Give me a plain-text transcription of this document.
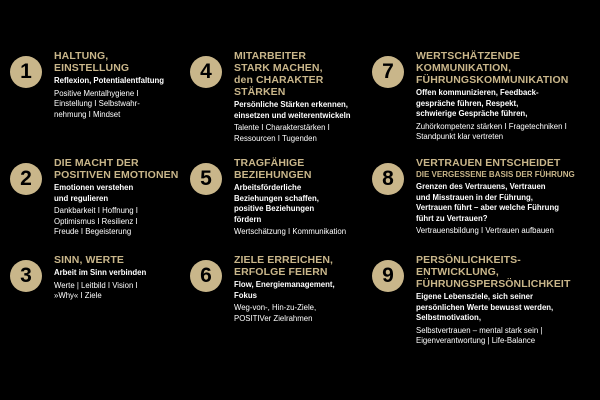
1
HALTUNG,
EINSTELLUNG
Reflexion, Potentialentfaltung
Positive Mentalhygiene I
Einstellung I Selbstwahr-
nehmung I Mindset
2
DIE MACHT DER
POSITIVEN EMOTIONEN
Emotionen verstehen
und regulieren
Dankbarkeit I Hoffnung I
Optimismus I Resilienz I
Freude I Begeisterung
3
SINN, WERTE
Arbeit im Sinn verbinden
Werte | Leitbild I Vision I
»Why« I Ziele
4
MITARBEITER
STARK MACHEN,
den CHARAKTER
STÄRKEN
Persönliche Stärken erkennen,
einsetzen und weiterentwickeln
Talente I Charakterstärken I
Ressourcen I Tugenden
5
TRAGFÄHIGE
BEZIEHUNGEN
Arbeitsförderliche
Beziehungen schaffen,
positive Beziehungen
fördern
Wertschätzung I Kommunikation
6
ZIELE ERREICHEN,
ERFOLGE FEIERN
Flow, Energiemanagement,
Fokus
Weg-von-, Hin-zu-Ziele,
POSITIVer Zielrahmen
7
WERTSCHÄTZENDE
KOMMUNIKATION,
FÜHRUNGSKOMMUNIKATION
Offen kommunizieren, Feedback-
gespräche führen, Respekt,
schwierige Gespräche führen,
Zuhörkompetenz stärken I Fragetechniken I
Standpunkt klar vertreten
8
VERTRAUEN ENTSCHEIDET
DIE VERGESSENE BASIS DER FÜHRUNG
Grenzen des Vertrauens, Vertrauen
und Misstrauen in der Führung,
Vertrauen führt – aber welche Führung
führt zu Vertrauen?
Vertrauensbildung I Vertrauen aufbauen
9
PERSÖNLICHKEITS-
ENTWICKLUNG,
FÜHRUNGSPERSÖNLICHKEIT
Eigene Lebensziele, sich seiner
persönlichen Werte bewusst werden,
Selbstmotivation,
Selbstvertrauen – mental stark sein |
Eigenverantwortung | Life-Balance
